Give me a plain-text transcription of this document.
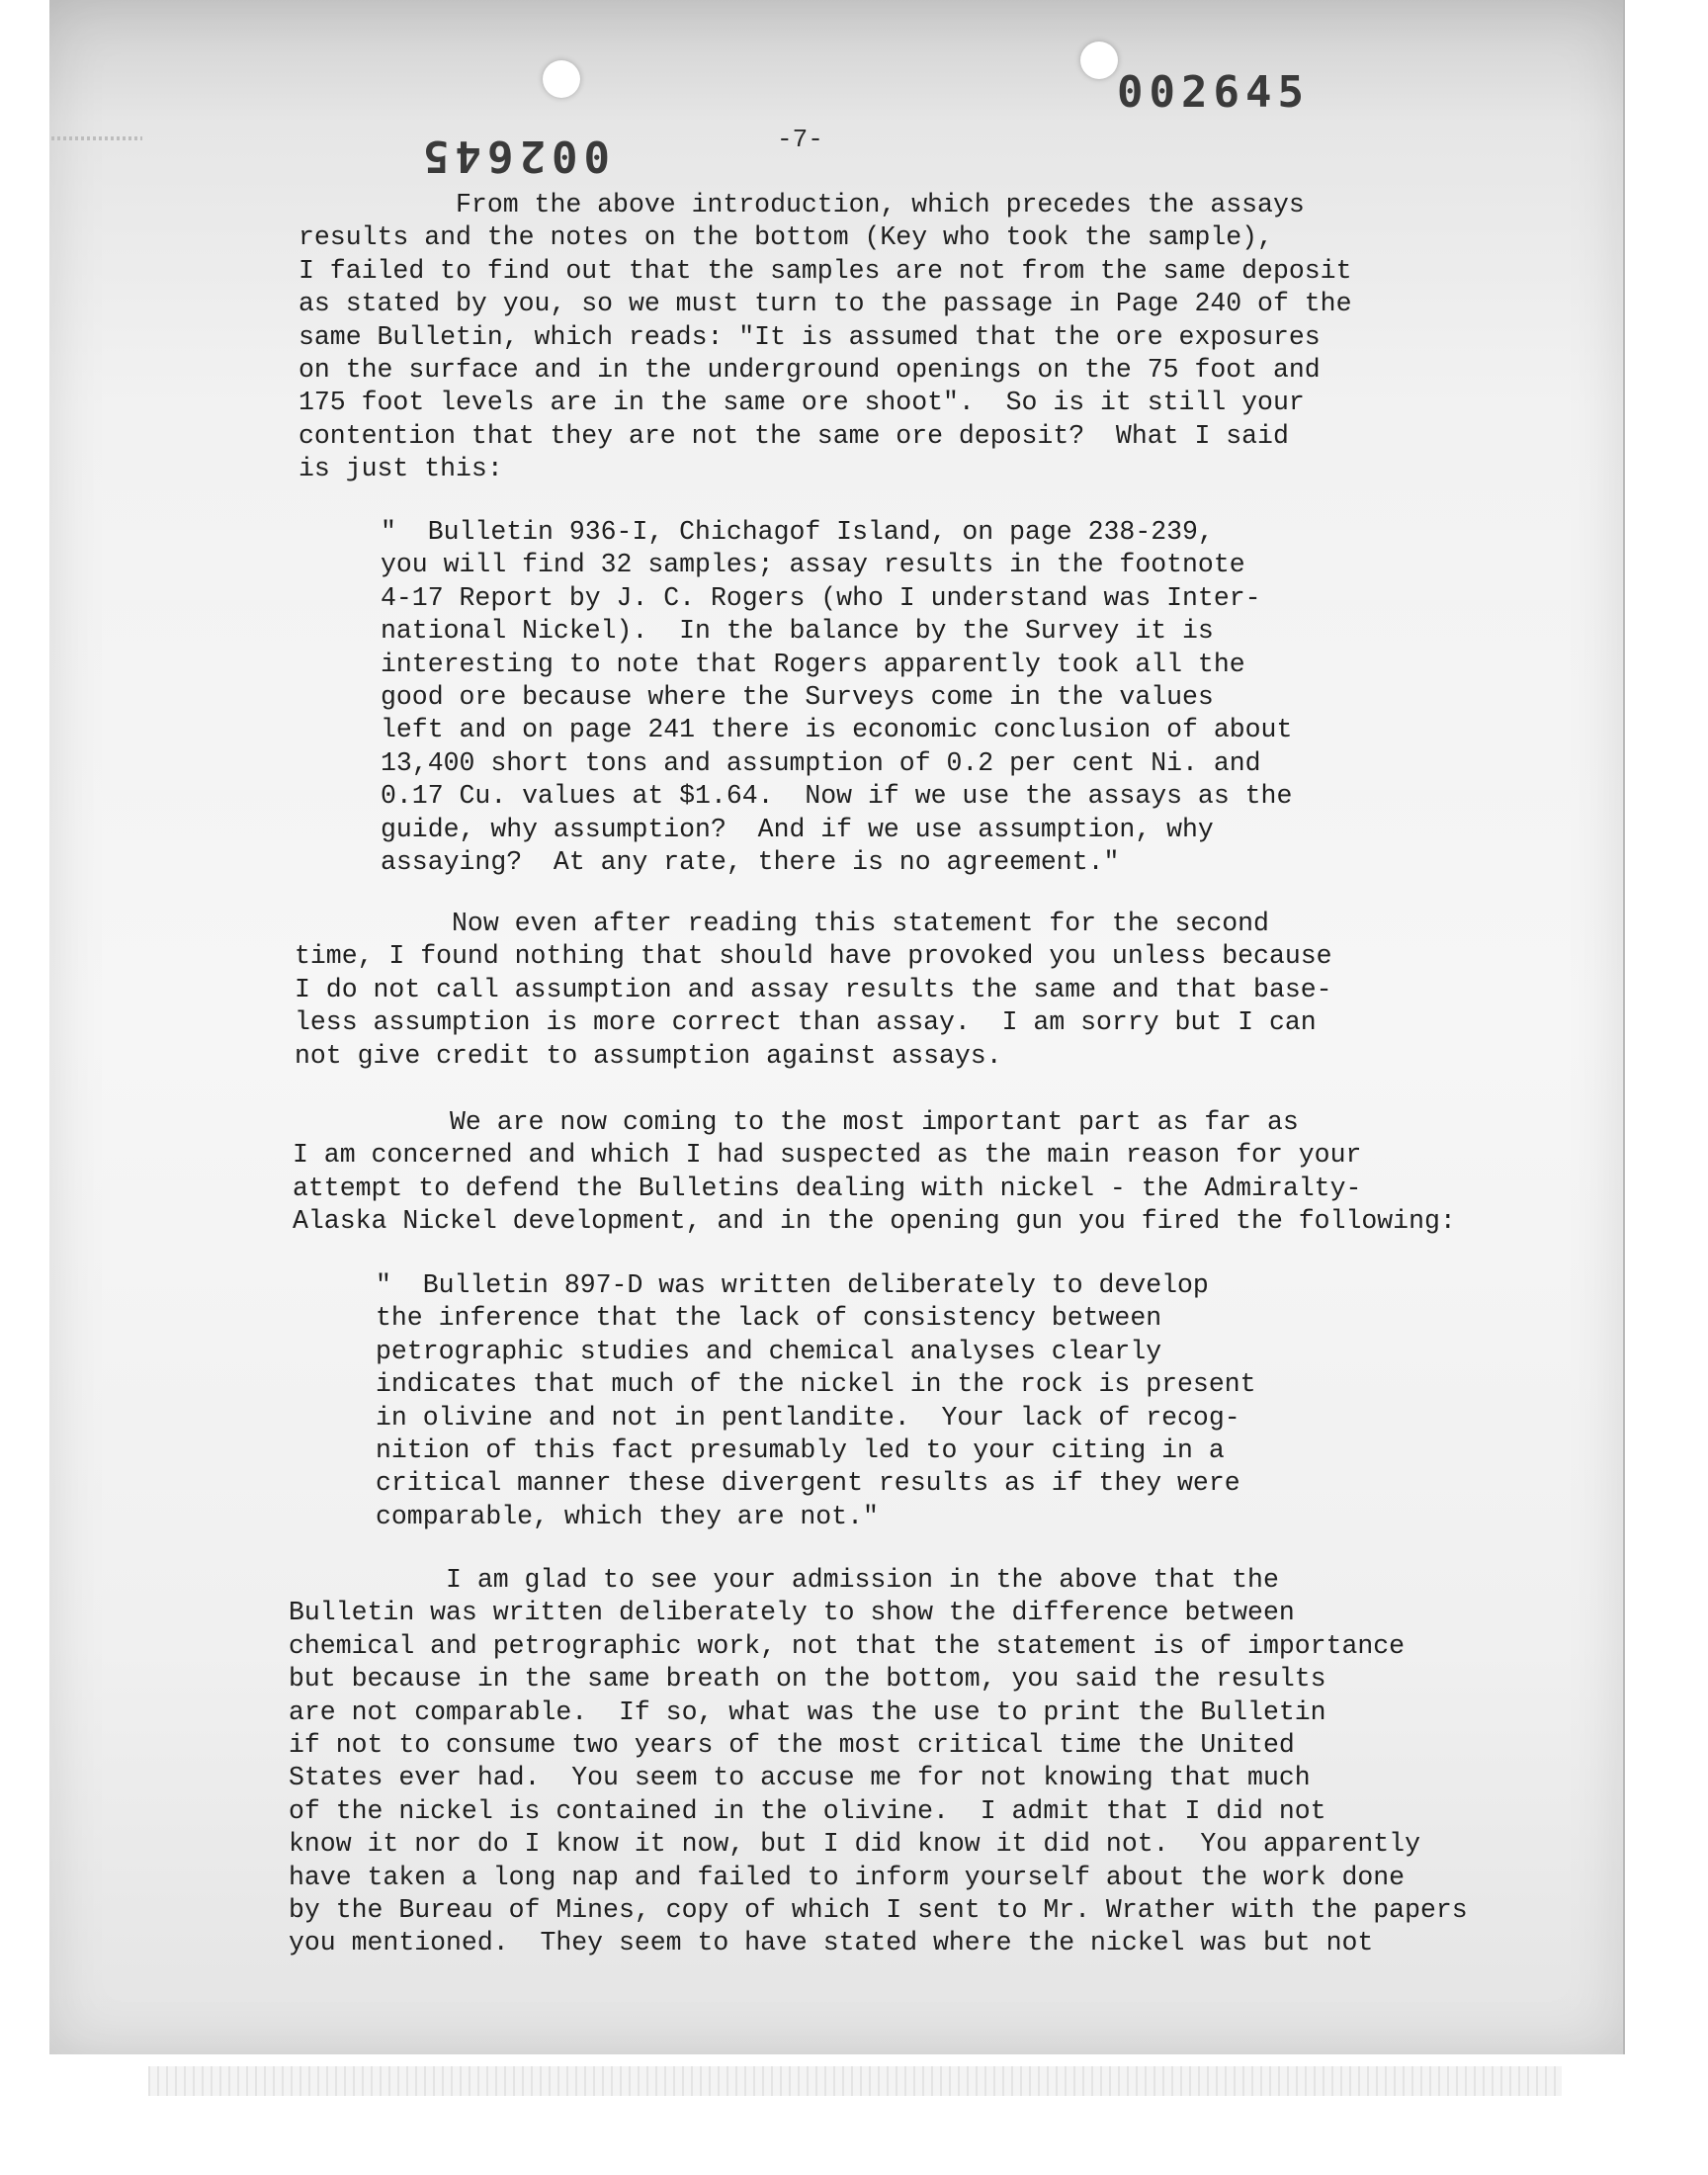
002645
002645	-7-
From the above introduction, which precedes the assays
results and the notes on the bottom (Key who took the sample),
I failed to find out that the samples are not from the same deposit
as stated by you, so we must turn to the passage in Page 240 of the
same Bulletin, which reads: "It is assumed that the ore exposures
on the surface and in the underground openings on the 75 foot and
175 foot levels are in the same ore shoot".  So is it still your
contention that they are not the same ore deposit?  What I said
is just this:
"  Bulletin 936-I, Chichagof Island, on page 238-239,
you will find 32 samples; assay results in the footnote
4-17 Report by J. C. Rogers (who I understand was Inter-
national Nickel).  In the balance by the Survey it is
interesting to note that Rogers apparently took all the
good ore because where the Surveys come in the values
left and on page 241 there is economic conclusion of about
13,400 short tons and assumption of 0.2 per cent Ni. and
0.17 Cu. values at $1.64.  Now if we use the assays as the
guide, why assumption?  And if we use assumption, why
assaying?  At any rate, there is no agreement."
Now even after reading this statement for the second
time, I found nothing that should have provoked you unless because
I do not call assumption and assay results the same and that base-
less assumption is more correct than assay.  I am sorry but I can
not give credit to assumption against assays.
We are now coming to the most important part as far as
I am concerned and which I had suspected as the main reason for your
attempt to defend the Bulletins dealing with nickel - the Admiralty-
Alaska Nickel development, and in the opening gun you fired the following:
"  Bulletin 897-D was written deliberately to develop
the inference that the lack of consistency between
petrographic studies and chemical analyses clearly
indicates that much of the nickel in the rock is present
in olivine and not in pentlandite.  Your lack of recog-
nition of this fact presumably led to your citing in a
critical manner these divergent results as if they were
comparable, which they are not."
I am glad to see your admission in the above that the
Bulletin was written deliberately to show the difference between
chemical and petrographic work, not that the statement is of importance
but because in the same breath on the bottom, you said the results
are not comparable.  If so, what was the use to print the Bulletin
if not to consume two years of the most critical time the United
States ever had.  You seem to accuse me for not knowing that much
of the nickel is contained in the olivine.  I admit that I did not
know it nor do I know it now, but I did know it did not.  You apparently
have taken a long nap and failed to inform yourself about the work done
by the Bureau of Mines, copy of which I sent to Mr. Wrather with the papers
you mentioned.  They seem to have stated where the nickel was but not
